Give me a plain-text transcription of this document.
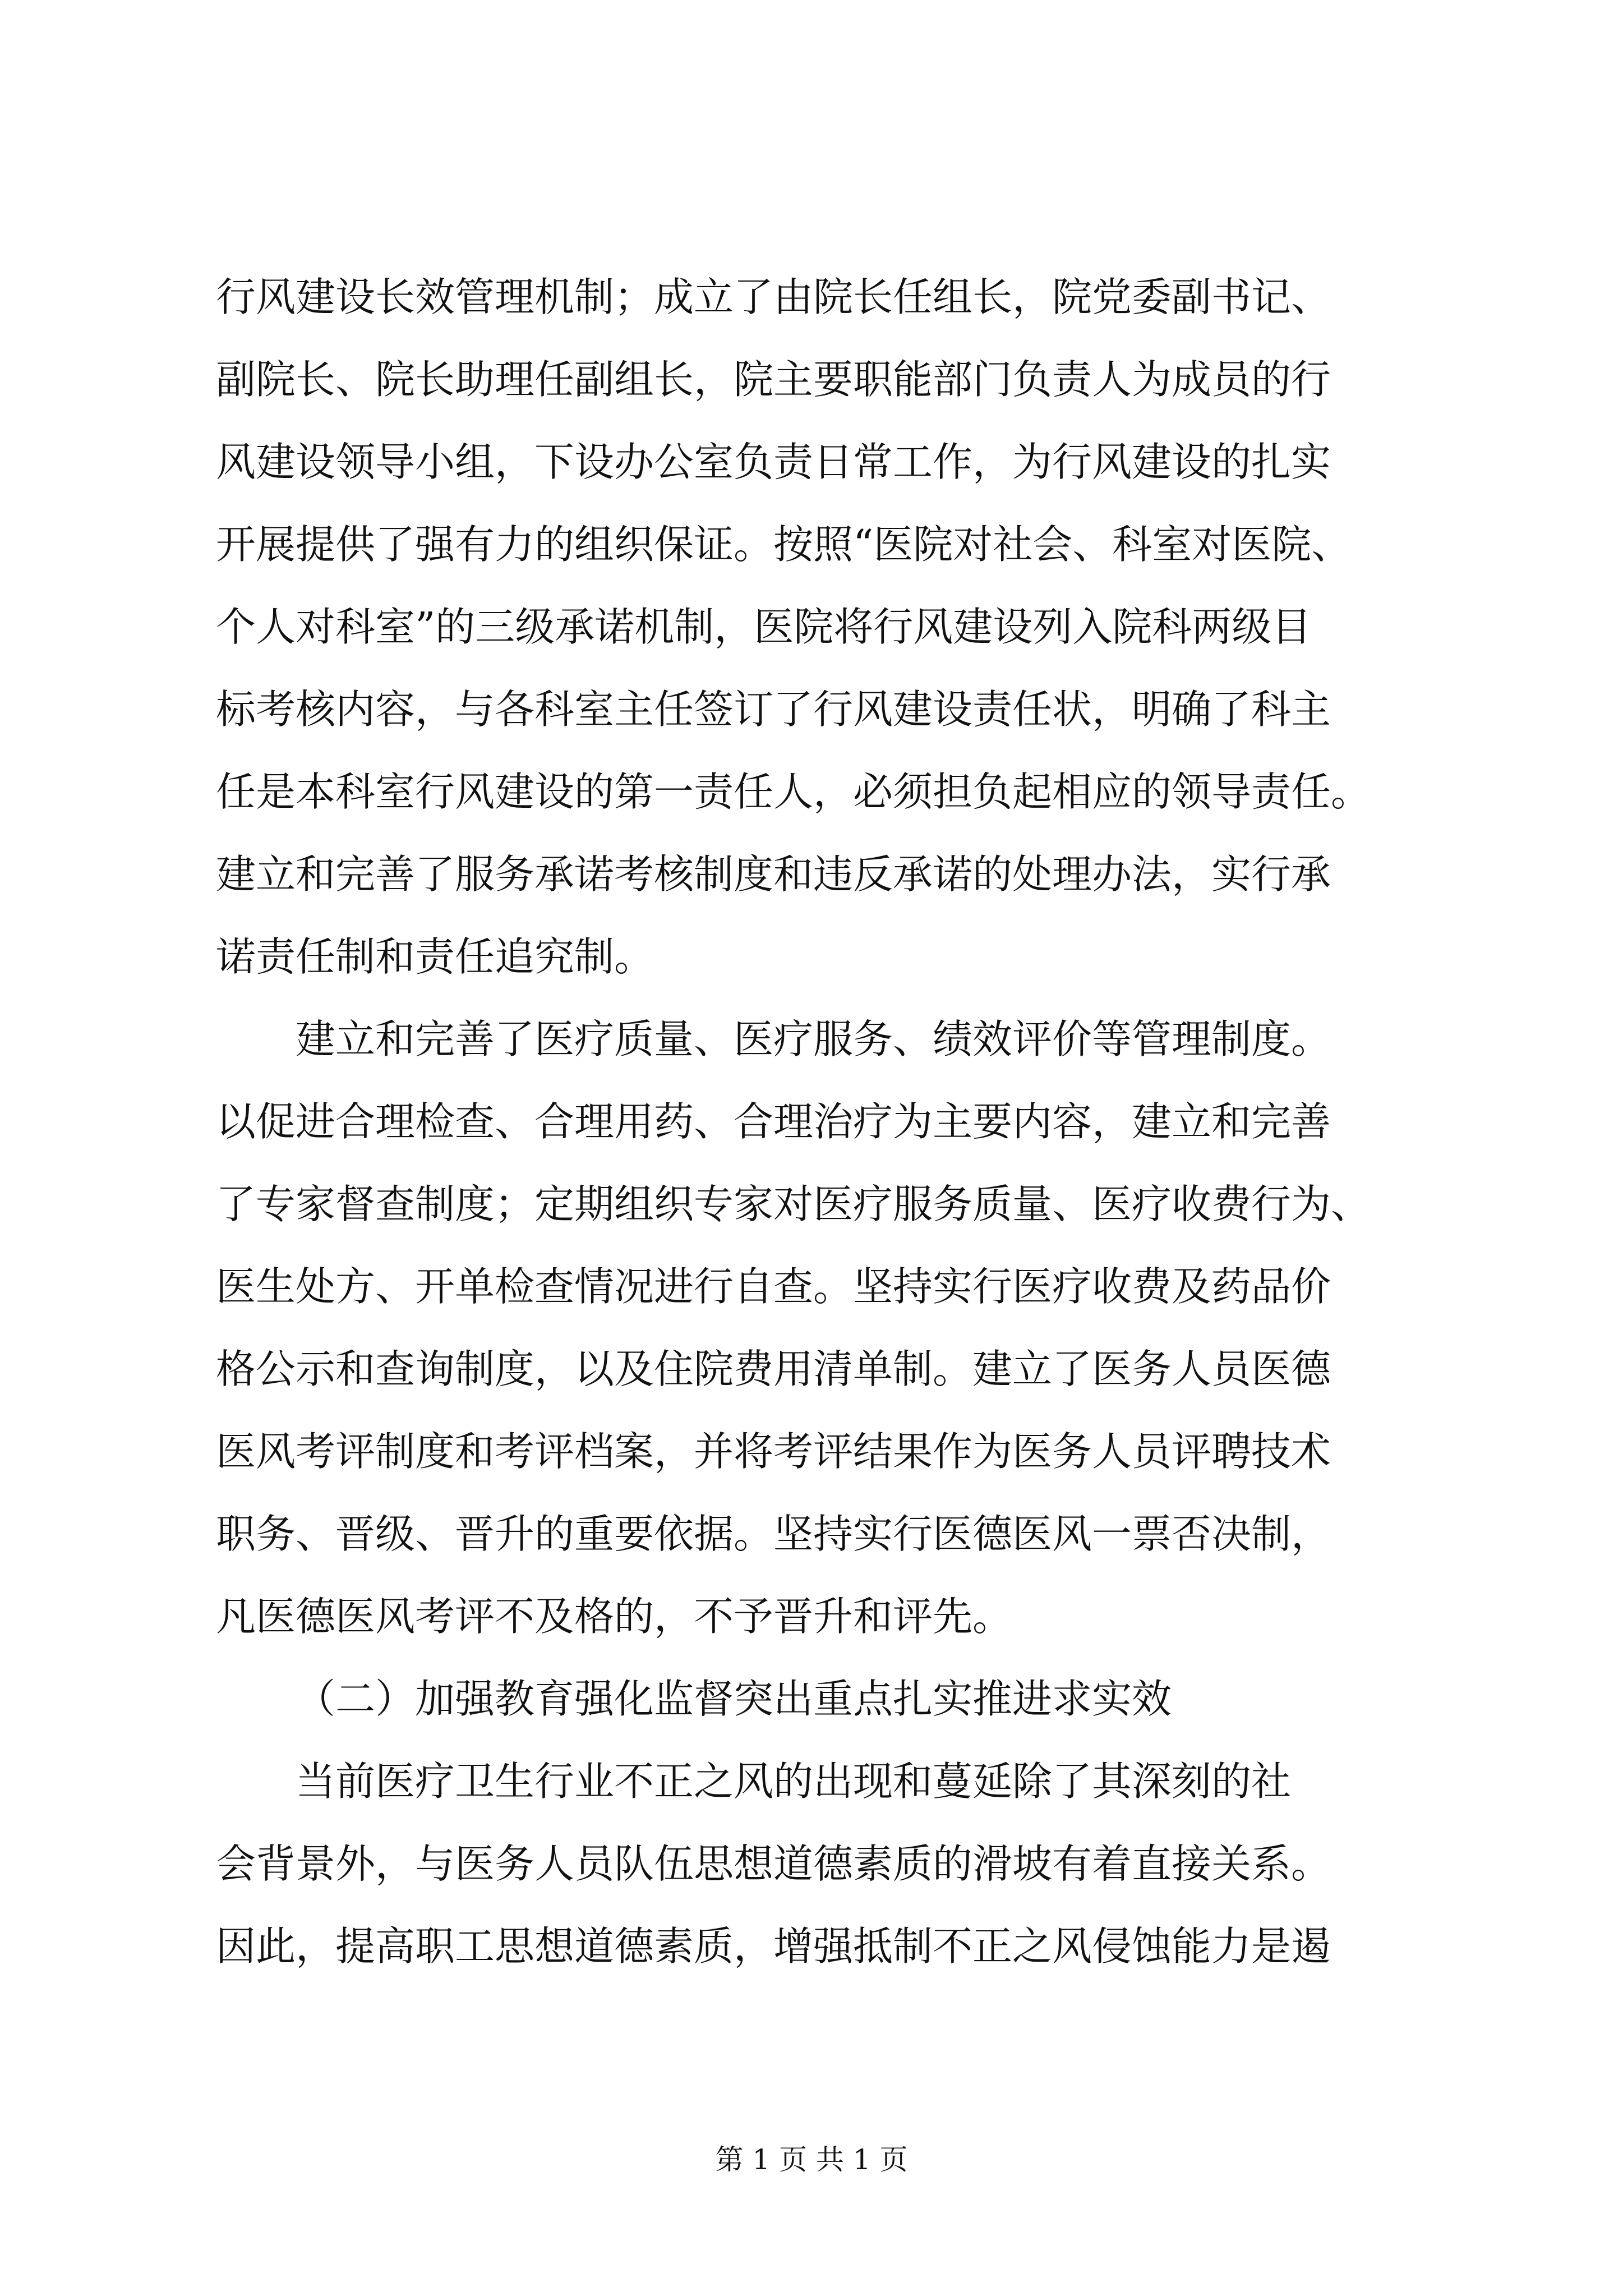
行风建设长效管理机制；成立了由院长任组长，院党委副书记、
副院长、院长助理任副组长，院主要职能部门负责人为成员的行
风建设领导小组，下设办公室负责日常工作，为行风建设的扎实
开展提供了强有力的组织保证。按照“医院对社会、科室对医院、
个人对科室”的三级承诺机制，医院将行风建设列入院科两级目
标考核内容，与各科室主任签订了行风建设责任状，明确了科主
任是本科室行风建设的第一责任人，必须担负起相应的领导责任。
建立和完善了服务承诺考核制度和违反承诺的处理办法，实行承
诺责任制和责任追究制。
建立和完善了医疗质量、医疗服务、绩效评价等管理制度。
以促进合理检查、合理用药、合理治疗为主要内容，建立和完善
了专家督查制度；定期组织专家对医疗服务质量、医疗收费行为、
医生处方、开单检查情况进行自查。坚持实行医疗收费及药品价
格公示和查询制度，以及住院费用清单制。建立了医务人员医德
医风考评制度和考评档案，并将考评结果作为医务人员评聘技术
职务、晋级、晋升的重要依据。坚持实行医德医风一票否决制，
凡医德医风考评不及格的，不予晋升和评先。
（二）加强教育强化监督突出重点扎实推进求实效
当前医疗卫生行业不正之风的出现和蔓延除了其深刻的社
会背景外，与医务人员队伍思想道德素质的滑坡有着直接关系。
因此，提高职工思想道德素质，增强抵制不正之风侵蚀能力是遏
第 1 页 共 1 页
